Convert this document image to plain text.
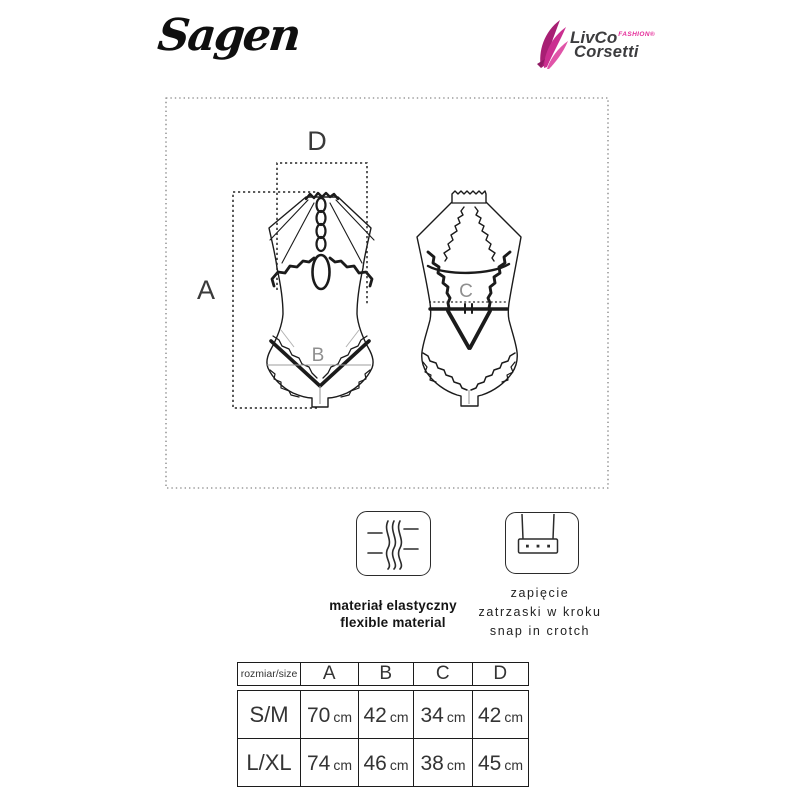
Sagen	LivCo$^{FASHION®}$
Corsetti
B
C
A
D
materiał elastyczny
flexible material
zapięcie
zatrzaski w kroku
snap in crotch
rozmiar/size	A	B	C	D
S/M	70 cm	42 cm	34 cm	42 cm
L/XL	74 cm	46 cm	38 cm	45 cm
